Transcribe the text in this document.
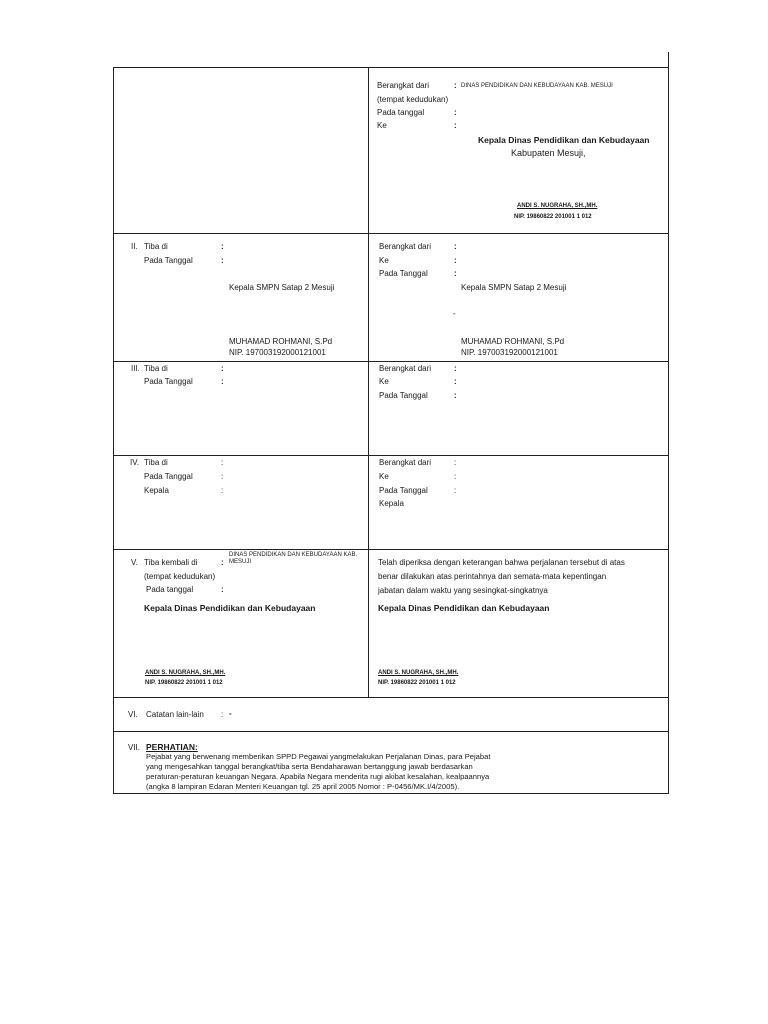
Berangkat dari	: DINAS PENDIDIKAN DAN KEBUDAYAAN KAB. MESUJI
(tempat kedudukan)
Pada tanggal	:
Ke	:
Kepala Dinas Pendidikan dan Kebudayaan
Kabupaten Mesuji,
ANDI S. NUGRAHA, SH.,MH.
NIP. 19860822 201001 1 012
II. Tiba di	:
Pada Tanggal	:
Kepala SMPN Satap 2 Mesuji
MUHAMAD ROHMANI, S.Pd
NIP. 197003192000121001
Berangkat dari	:
Ke	:
Pada Tanggal	:
Kepala SMPN Satap 2 Mesuji
-
MUHAMAD ROHMANI, S.Pd
NIP. 197003192000121001
III. Tiba di	:
Pada Tanggal	:
Berangkat dari	:
Ke	:
Pada Tanggal	:
IV. Tiba di	:
Pada Tanggal	:
Kepala	:
Berangkat dari	:
Ke	:
Pada Tanggal	:
Kepala
V. Tiba kembali di	:
DINAS PENDIDIKAN DAN KEBUDAYAAN KAB. MESUJI
(tempat kedudukan)
Pada tanggal	:
Kepala Dinas Pendidikan dan Kebudayaan
ANDI S. NUGRAHA, SH.,MH.
NIP. 19860822 201001 1 012
Telah diperiksa dengan keterangan bahwa perjalanan tersebut di atas
benar dilakukan atas perintahnya dan semata-mata kepentingan
jabatan dalam waktu yang sesingkat-singkatnya
Kepala Dinas Pendidikan dan Kebudayaan
ANDI S. NUGRAHA, SH.,MH.
NIP. 19860822 201001 1 012
VI. Catatan lain-lain : -
VII. PERHATIAN:
Pejabat yang berwenang memberikan SPPD Pegawai yangmelakukan Perjalanan Dinas, para Pejabat
yang mengesahkan tanggal berangkat/tiba serta Bendaharawan bertanggung jawab berdasarkan
peraturan-peraturan keuangan Negara. Apabila Negara menderita rugi akibat kesalahan, kealpaannya
(angka 8 lampiran Edaran Menteri Keuangan tgl. 25 april 2005 Nomor : P-0456/MK.I/4/2005).
